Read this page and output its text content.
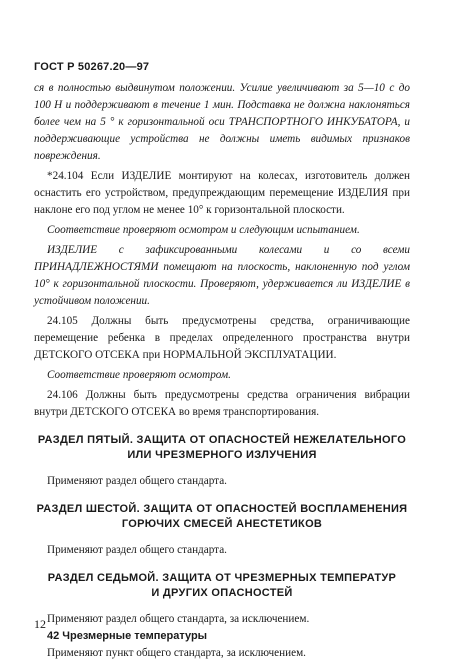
ГОСТ Р 50267.20—97

ся в полностью выдвинутом положении. Усилие увеличивают за 5—10 с до 100 Н и поддерживают в течение 1 мин. Подставка не должна наклоняться более чем на 5 ° к горизонтальной оси ТРАНСПОРТНОГО ИНКУБАТОРА, и поддерживающие устройства не должны иметь видимых признаков повреждения.

*24.104 Если ИЗДЕЛИЕ монтируют на колесах, изготовитель должен оснастить его устройством, предупреждающим перемещение ИЗДЕЛИЯ при наклоне его под углом не менее 10° к горизонтальной плоскости.

Соответствие проверяют осмотром и следующим испытанием.

ИЗДЕЛИЕ с зафиксированными колесами и со всеми ПРИНАДЛЕЖНОСТЯМИ помещают на плоскость, наклоненную под углом 10° к горизонтальной плоскости. Проверяют, удерживается ли ИЗДЕЛИЕ в устойчивом положении.

24.105 Должны быть предусмотрены средства, ограничивающие перемещение ребенка в пределах определенного пространства внутри ДЕТСКОГО ОТСЕКА при НОРМАЛЬНОЙ ЭКСПЛУАТАЦИИ.

Соответствие проверяют осмотром.

24.106 Должны быть предусмотрены средства ограничения вибрации внутри ДЕТСКОГО ОТСЕКА во время транспортирования.

РАЗДЕЛ ПЯТЫЙ. ЗАЩИТА ОТ ОПАСНОСТЕЙ НЕЖЕЛАТЕЛЬНОГО
ИЛИ ЧРЕЗМЕРНОГО ИЗЛУЧЕНИЯ

Применяют раздел общего стандарта.

РАЗДЕЛ ШЕСТОЙ. ЗАЩИТА ОТ ОПАСНОСТЕЙ ВОСПЛАМЕНЕНИЯ
ГОРЮЧИХ СМЕСЕЙ АНЕСТЕТИКОВ

Применяют раздел общего стандарта.

РАЗДЕЛ СЕДЬМОЙ. ЗАЩИТА ОТ ЧРЕЗМЕРНЫХ ТЕМПЕРАТУР
И ДРУГИХ ОПАСНОСТЕЙ

Применяют раздел общего стандарта, за исключением.

42 Чрезмерные температуры

Применяют пункт общего стандарта, за исключением.

12
